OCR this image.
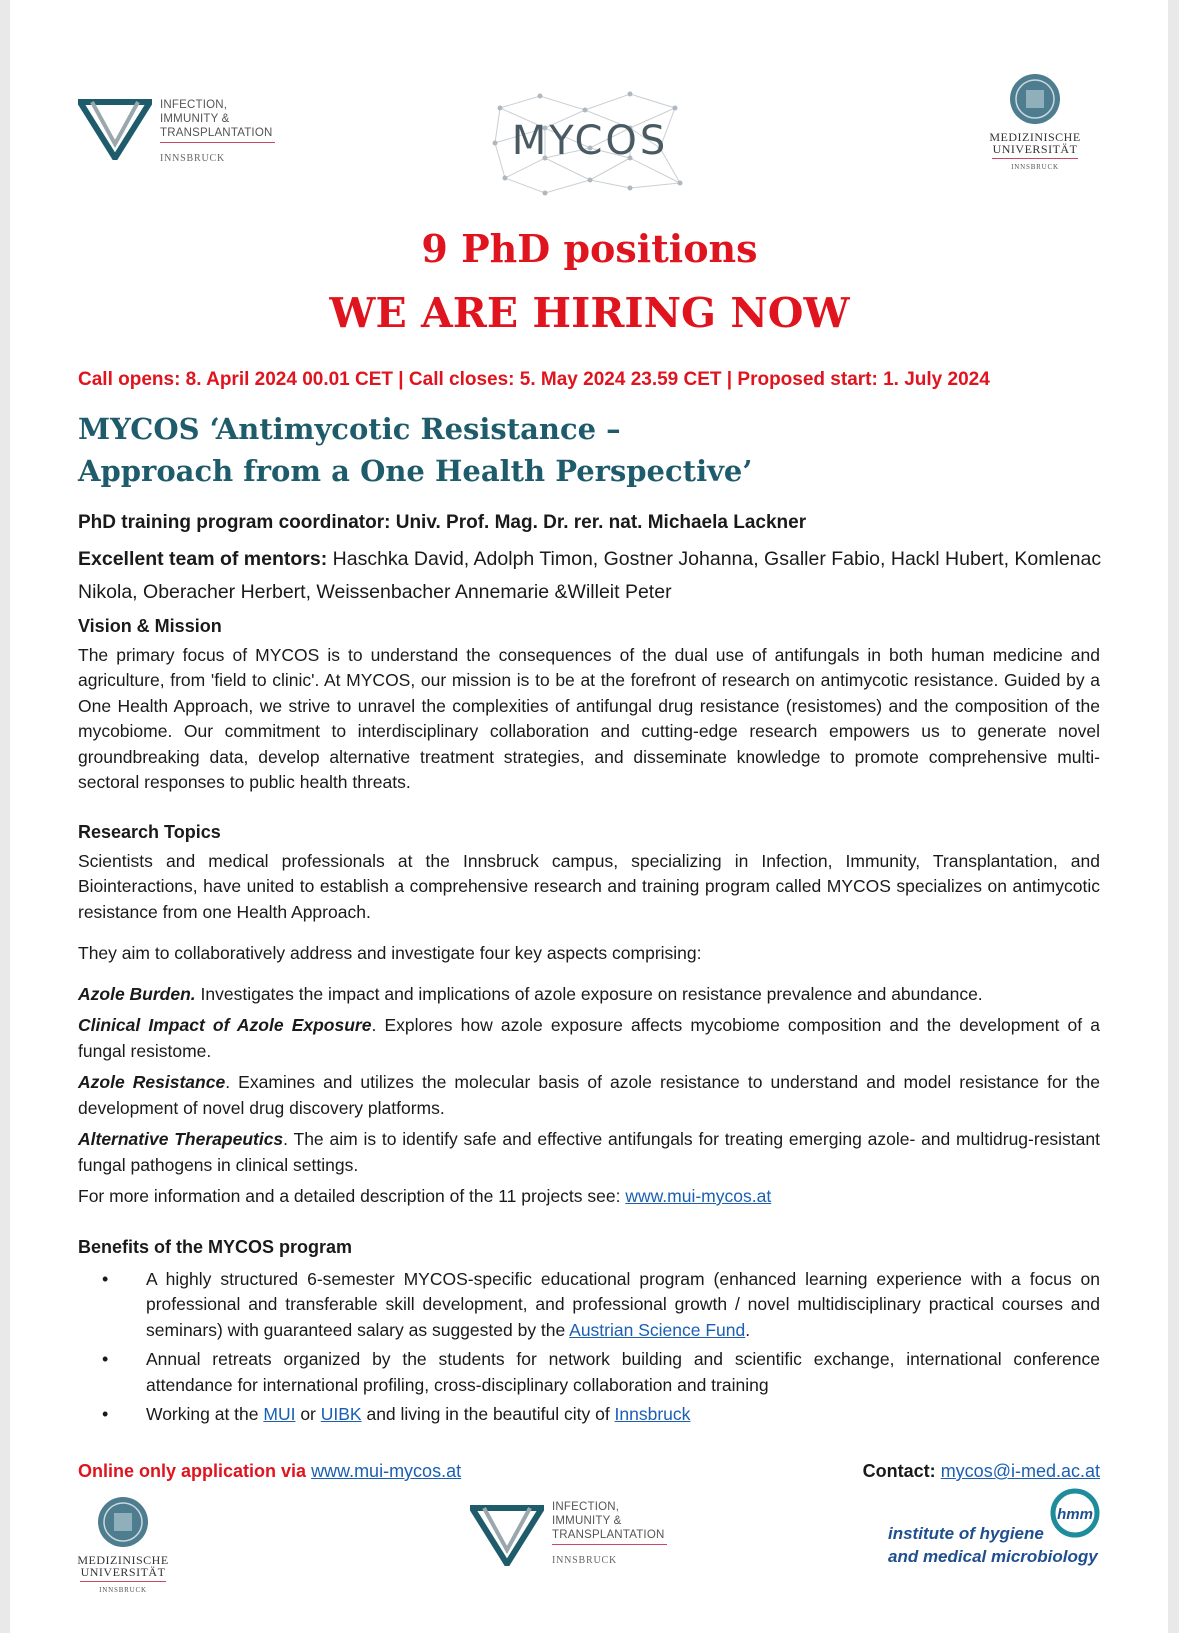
INFECTION,
IMMUNITY &
TRANSPLANTATION
INNSBRUCK	MYCOS	MEDIZINISCHE
UNIVERSITÄT
INNSBRUCK
9 PhD positions
WE ARE HIRING NOW
Call opens: 8. April 2024 00.01 CET | Call closes: 5. May 2024 23.59 CET | Proposed start: 1. July 2024
MYCOS ‘Antimycotic Resistance –
Approach from a One Health Perspective’
PhD training program coordinator: Univ. Prof. Mag. Dr. rer. nat. Michaela Lackner
Excellent team of mentors: Haschka David, Adolph Timon, Gostner Johanna, Gsaller Fabio, Hackl Hubert, Komlenac Nikola, Oberacher Herbert, Weissenbacher Annemarie &Willeit Peter
Vision & Mission
The primary focus of MYCOS is to understand the consequences of the dual use of antifungals in both human medicine and agriculture, from 'field to clinic'. At MYCOS, our mission is to be at the forefront of research on antimycotic resistance. Guided by a One Health Approach, we strive to unravel the complexities of antifungal drug resistance (resistomes) and the composition of the mycobiome. Our commitment to interdisciplinary collaboration and cutting-edge research empowers us to generate novel groundbreaking data, develop alternative treatment strategies, and disseminate knowledge to promote comprehensive multi-sectoral responses to public health threats.
Research Topics
Scientists and medical professionals at the Innsbruck campus, specializing in Infection, Immunity, Transplantation, and Biointeractions, have united to establish a comprehensive research and training program called MYCOS specializes on antimycotic resistance from one Health Approach.
They aim to collaboratively address and investigate four key aspects comprising:
Azole Burden. Investigates the impact and implications of azole exposure on resistance prevalence and abundance.
Clinical Impact of Azole Exposure. Explores how azole exposure affects mycobiome composition and the development of a fungal resistome.
Azole Resistance. Examines and utilizes the molecular basis of azole resistance to understand and model resistance for the development of novel drug discovery platforms.
Alternative Therapeutics. The aim is to identify safe and effective antifungals for treating emerging azole- and multidrug-resistant fungal pathogens in clinical settings.
For more information and a detailed description of the 11 projects see: www.mui-mycos.at
Benefits of the MYCOS program
• A highly structured 6-semester MYCOS-specific educational program (enhanced learning experience with a focus on professional and transferable skill development, and professional growth / novel multidisciplinary practical courses and seminars) with guaranteed salary as suggested by the Austrian Science Fund.
• Annual retreats organized by the students for network building and scientific exchange, international conference attendance for international profiling, cross-disciplinary collaboration and training
• Working at the MUI or UIBK and living in the beautiful city of Innsbruck
Online only application via www.mui-mycos.at	Contact: mycos@i-med.ac.at
MEDIZINISCHE
UNIVERSITÄT
INNSBRUCK
INFECTION,
IMMUNITY &
TRANSPLANTATION
INNSBRUCK
hmm
institute of hygiene
and medical microbiology
